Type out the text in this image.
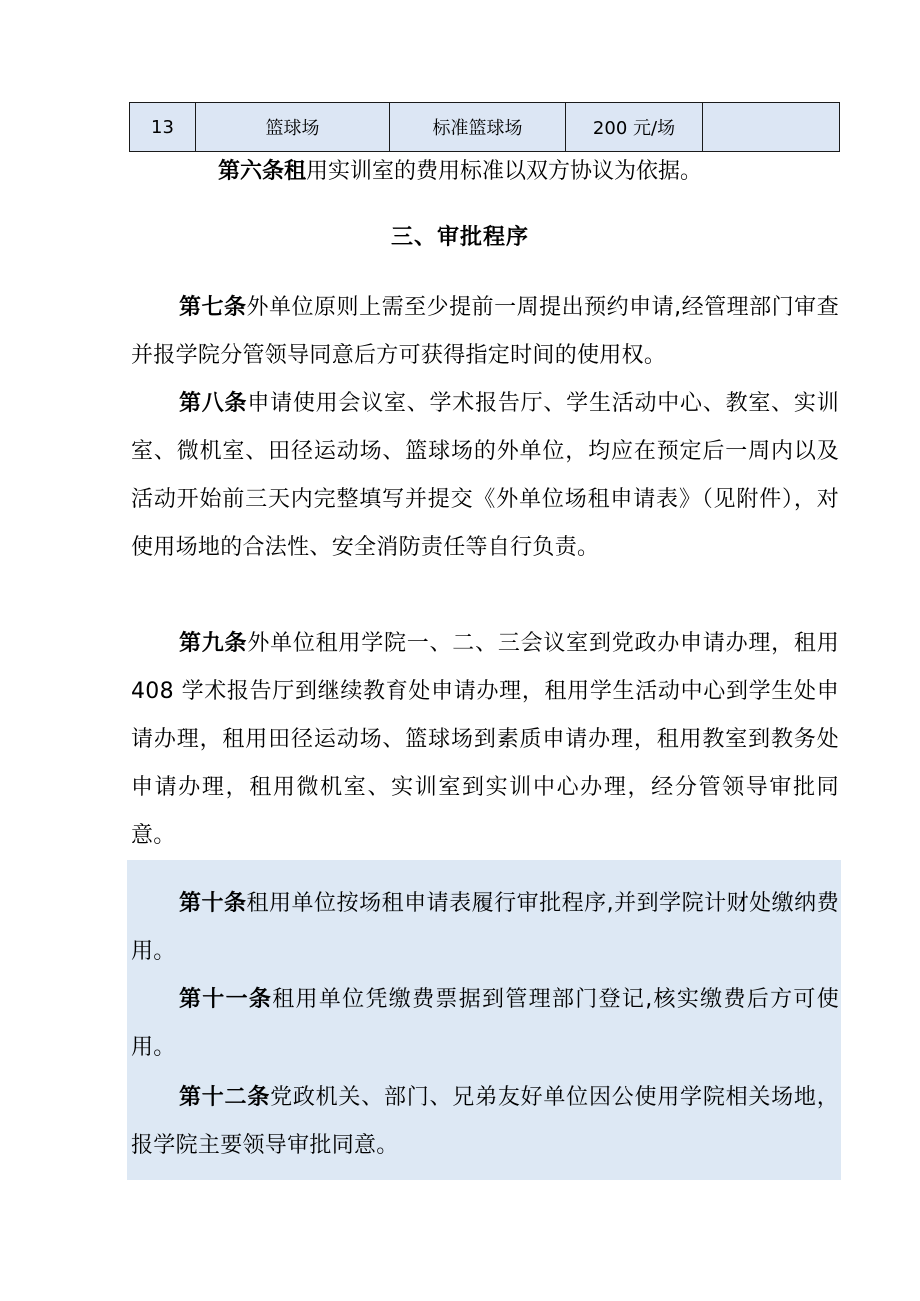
13	篮球场	标准篮球场	200 元/场	
第六条租用实训室的费用标准以双方协议为依据。
三、审批程序

第七条外单位原则上需至少提前一周提出预约申请,经管理部门审查并报学院分管领导同意后方可获得指定时间的使用权。

第八条申请使用会议室、学术报告厅、学生活动中心、教室、实训室、微机室、田径运动场、篮球场的外单位，均应在预定后一周内以及活动开始前三天内完整填写并提交《外单位场租申请表》（见附件），对使用场地的合法性、安全消防责任等自行负责。

第九条外单位租用学院一、二、三会议室到党政办申请办理，租用 408 学术报告厅到继续教育处申请办理，租用学生活动中心到学生处申请办理，租用田径运动场、篮球场到素质申请办理，租用教室到教务处申请办理，租用微机室、实训室到实训中心办理，经分管领导审批同意。

第十条租用单位按场租申请表履行审批程序,并到学院计财处缴纳费用。

第十一条租用单位凭缴费票据到管理部门登记,核实缴费后方可使用。

第十二条党政机关、部门、兄弟友好单位因公使用学院相关场地，报学院主要领导审批同意。
